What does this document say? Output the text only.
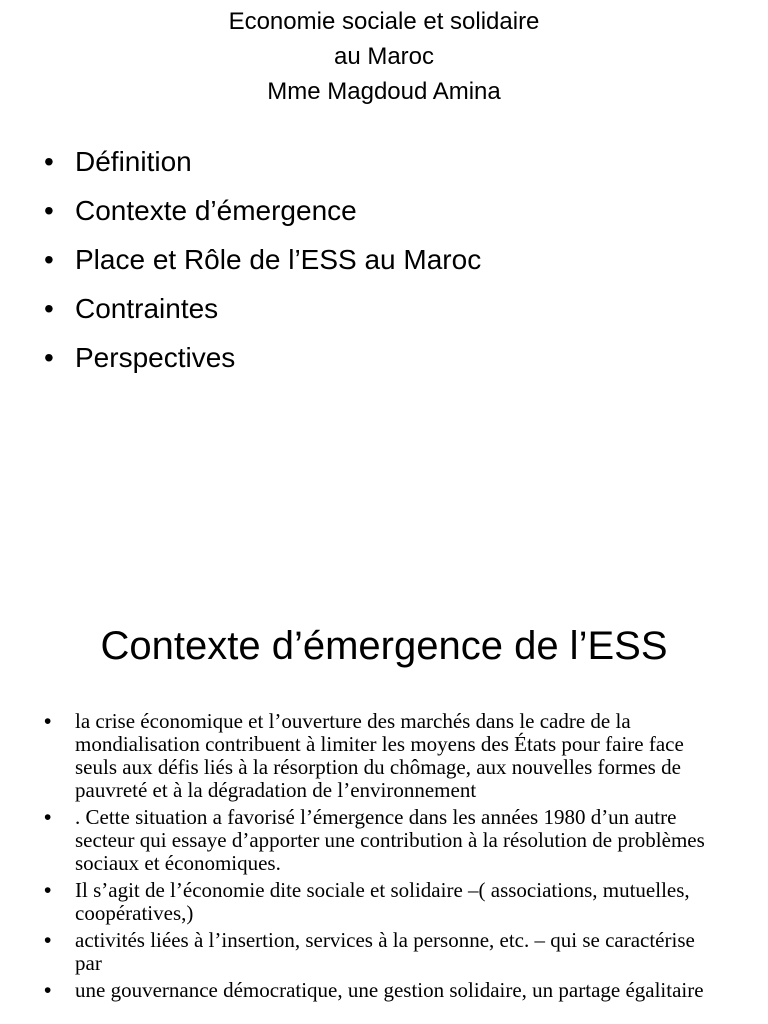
Economie sociale et solidaire
au Maroc
Mme Magdoud Amina
• Définition
• Contexte d’émergence
• Place et Rôle de l’ESS au Maroc
• Contraintes
• Perspectives
Contexte d’émergence de l’ESS
• la crise économique et l’ouverture des marchés dans le cadre de la mondialisation contribuent à limiter les moyens des États pour faire face seuls aux défis liés à la résorption du chômage, aux nouvelles formes de pauvreté et à la dégradation de l’environnement
• . Cette situation a favorisé l’émergence dans les années 1980 d’un autre secteur qui essaye d’apporter une contribution à la résolution de problèmes sociaux et économiques.
• Il s’agit de l’économie dite sociale et solidaire –( associations, mutuelles, coopératives,)
• activités liées à l’insertion, services à la personne, etc. – qui se caractérise par
• une gouvernance démocratique, une gestion solidaire, un partage égalitaire
